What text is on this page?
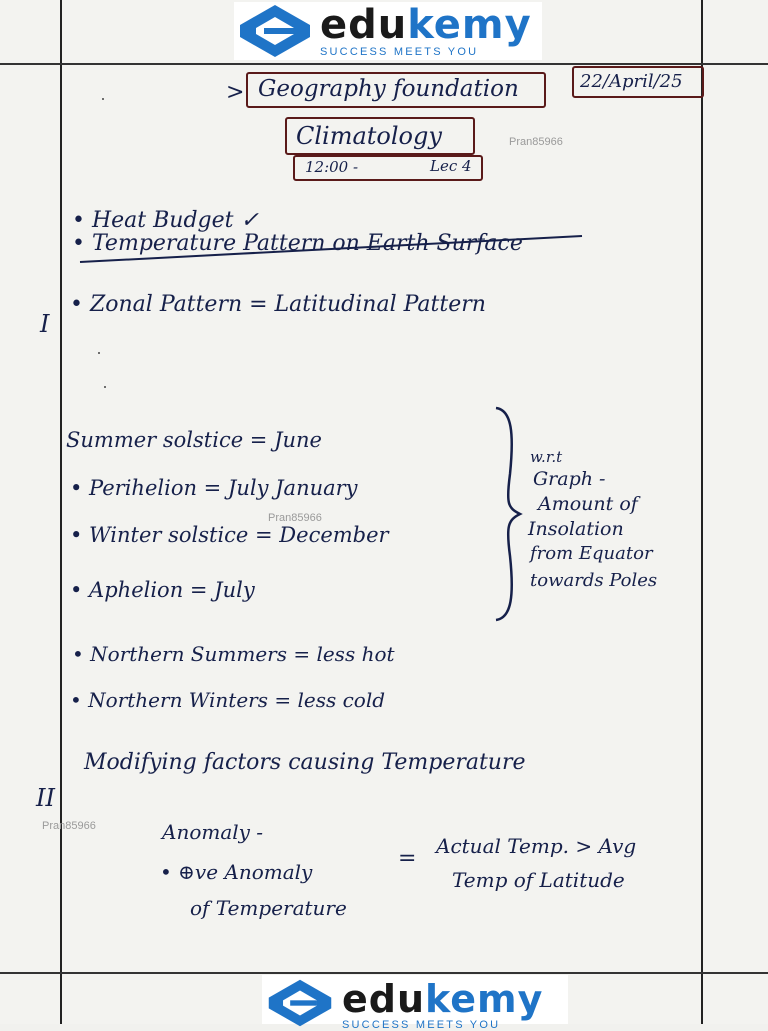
edukemy
SUCCESS MEETS YOU
> Geography foundation	22/April/25
Climatology	Pran85966
12:00 -	Lec 4
• Heat Budget ✓
• Temperature Pattern on Earth Surface
I
• Zonal Pattern = Latitudinal Pattern
Summer solstice = June
• Perihelion = July January
Pran85966
• Winter solstice = December
• Aphelion = July
w.r.t
Graph -
Amount of
Insolation
from Equator
towards Poles
• Northern Summers = less hot
• Northern Winters = less cold
II
Modifying factors causing Temperature
Pran85966	Anomaly -
• ⊕ve Anomaly
of Temperature
= Actual Temp. > Avg
Temp of Latitude
edukemy
SUCCESS MEETS YOU
